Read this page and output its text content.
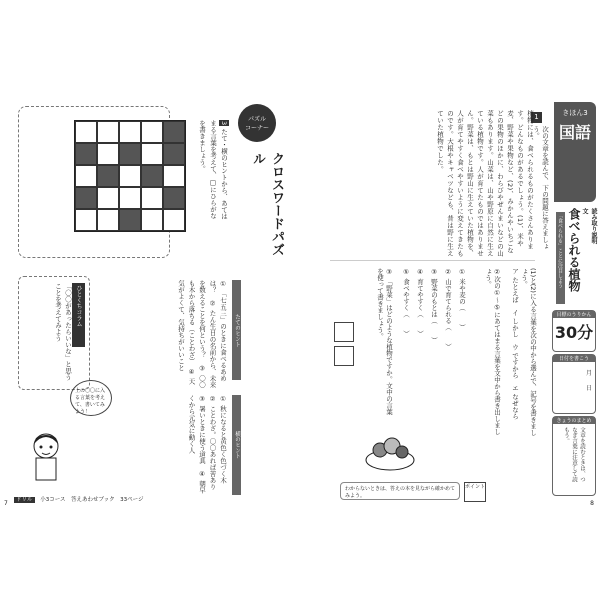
パズル
コーナー
クロスワードパズル
3 たて・横のヒントから、あてはまる言葉を考えて、□にひらがなを書きましょう。
たてのヒント
① 「七五三」のときに食べるあめは？　② たん生日の名前から、未来を数えることを何という？　③ 〇〇も木から落ちる（ことわざ）　④ 天気がよくて、気持ちがいいこと
横のヒント
① 秋になると黄色く色づく木　② ことわざ。〇〇あれば苦あり　③ 暑いときに使う道具　④ 朝早くから元気に動く人
ひとくちコラム
「〇〇があったらいいな」と思うことを考えてみよう
上の〇〇に入る言葉を考えて、書いてみよう！
ドリル 小3コース　答えあわせブック　33ページ
7
きほん3
国語
読み取り説明文
食べられる植物
「食べられる」ことに注目しよう
1
次の文章を読んで、下の問題に答えましょう。
植物には、食べられるものがたくさんあります。どんなものがあるでしょう。(1)、米や麦、野菜や果物など、(2)、みかんやいちごなどの果物のほかに、わらびやぜんまいなどの山菜もあります。山菜は、山や野原に自然に生えている植物です。人が育てたものではありません。野菜は、もとは野山に生えていた植物を、人が育てやすく食べやすいように変えてきたものです。大根やキャベツなども、昔は野に生えていた植物でした。
(1)と(2)に入る言葉を次の中から選んで、記号を書きましょう。
ア たとえば　イ しかし　ウ ですから　エ なぜなら
②次の①〜⑤にあてはまる言葉を文中から書き出しましょう。
① 米や麦の（　　）
② 山で育てられる（　　）
③ 野菜のもとは（　　）
④ 育てやすく（　　）
⑤ 食べやすく（　　）
③ 「野菜」はどのような植物ですか。文中の言葉を使って書きましょう。
わからないときは、答えの本を見ながら確かめてみよう。
ポイント
目標のうりかん
30分
日付を書こう
月
日
きょうのまとめ
文章を読むときは、つなぎ言葉に注意して読もう。
8
